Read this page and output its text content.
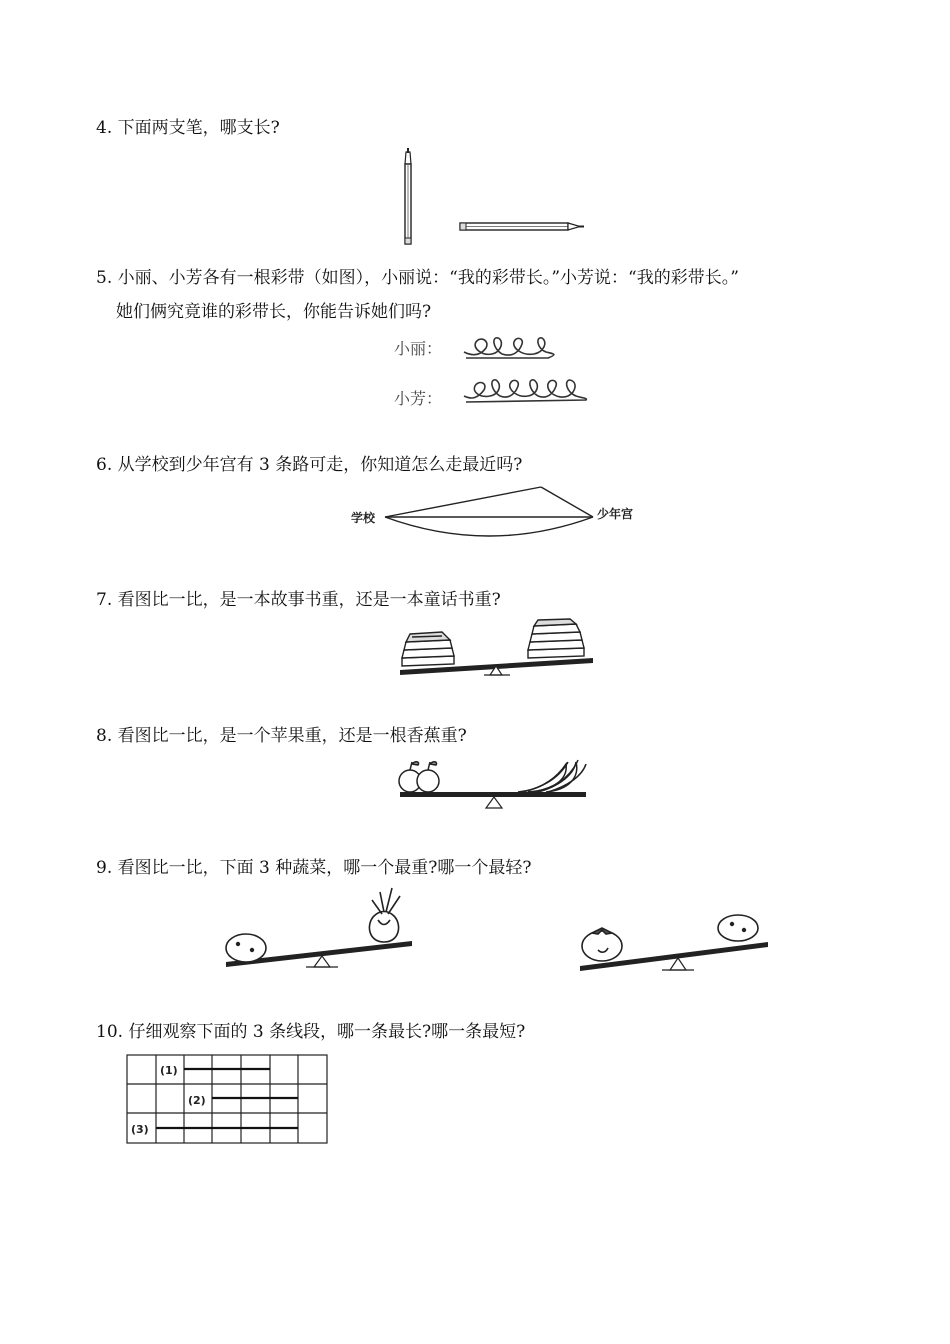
4. 下面两支笔，哪支长?
5. 小丽、小芳各有一根彩带（如图），小丽说：“我的彩带长。”小芳说：“我的彩带长。”
她们俩究竟谁的彩带长，你能告诉她们吗?
小丽：
小芳：
6. 从学校到少年宫有 3 条路可走，你知道怎么走最近吗?
学校	少年宫
7. 看图比一比，是一本故事书重，还是一本童话书重?
8. 看图比一比，是一个苹果重，还是一根香蕉重?
9. 看图比一比，下面 3 种蔬菜，哪一个最重?哪一个最轻?
10. 仔细观察下面的 3 条线段，哪一条最长?哪一条最短?
(1)
(2)
(3)
